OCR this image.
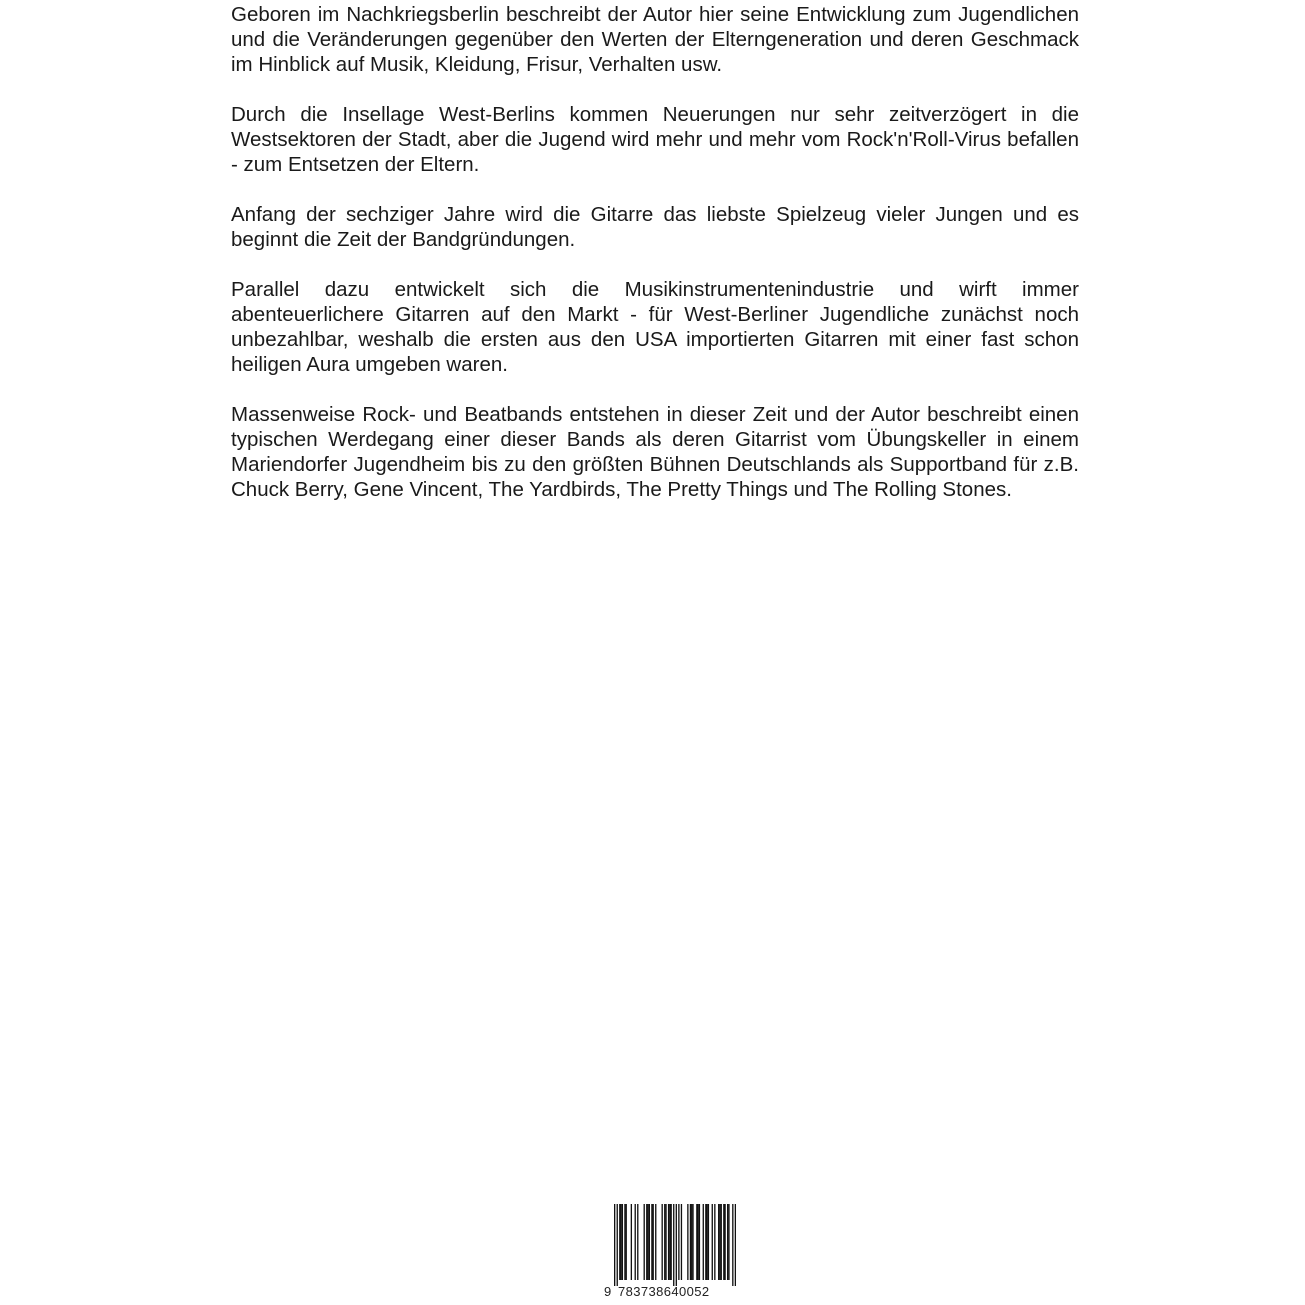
Geboren im Nachkriegsberlin beschreibt der Autor hier seine Entwicklung zum Jugendlichen und die Veränderungen gegenüber den Werten der Elterngeneration und deren Geschmack im Hinblick auf Musik, Kleidung, Frisur, Verhalten usw.

Durch die Insellage West-Berlins kommen Neuerungen nur sehr zeitverzögert in die Westsektoren der Stadt, aber die Jugend wird mehr und mehr vom Rock'n'Roll-Virus befallen - zum Entsetzen der Eltern.

Anfang der sechziger Jahre wird die Gitarre das liebste Spielzeug vieler Jungen und es beginnt die Zeit der Bandgründungen.

Parallel dazu entwickelt sich die Musikinstrumentenindustrie und wirft immer abenteuerlichere Gitarren auf den Markt - für West-Berliner Jugendliche zunächst noch unbezahlbar, weshalb die ersten aus den USA importierten Gitarren mit einer fast schon heiligen Aura umgeben waren.

Massenweise Rock- und Beatbands entstehen in dieser Zeit und der Autor beschreibt einen typischen Werdegang einer dieser Bands als deren Gitarrist vom Übungskeller in einem Mariendorfer Jugendheim bis zu den größten Bühnen Deutschlands als Supportband für z.B. Chuck Berry, Gene Vincent, The Yardbirds, The Pretty Things und The Rolling Stones.

9 783738640052
